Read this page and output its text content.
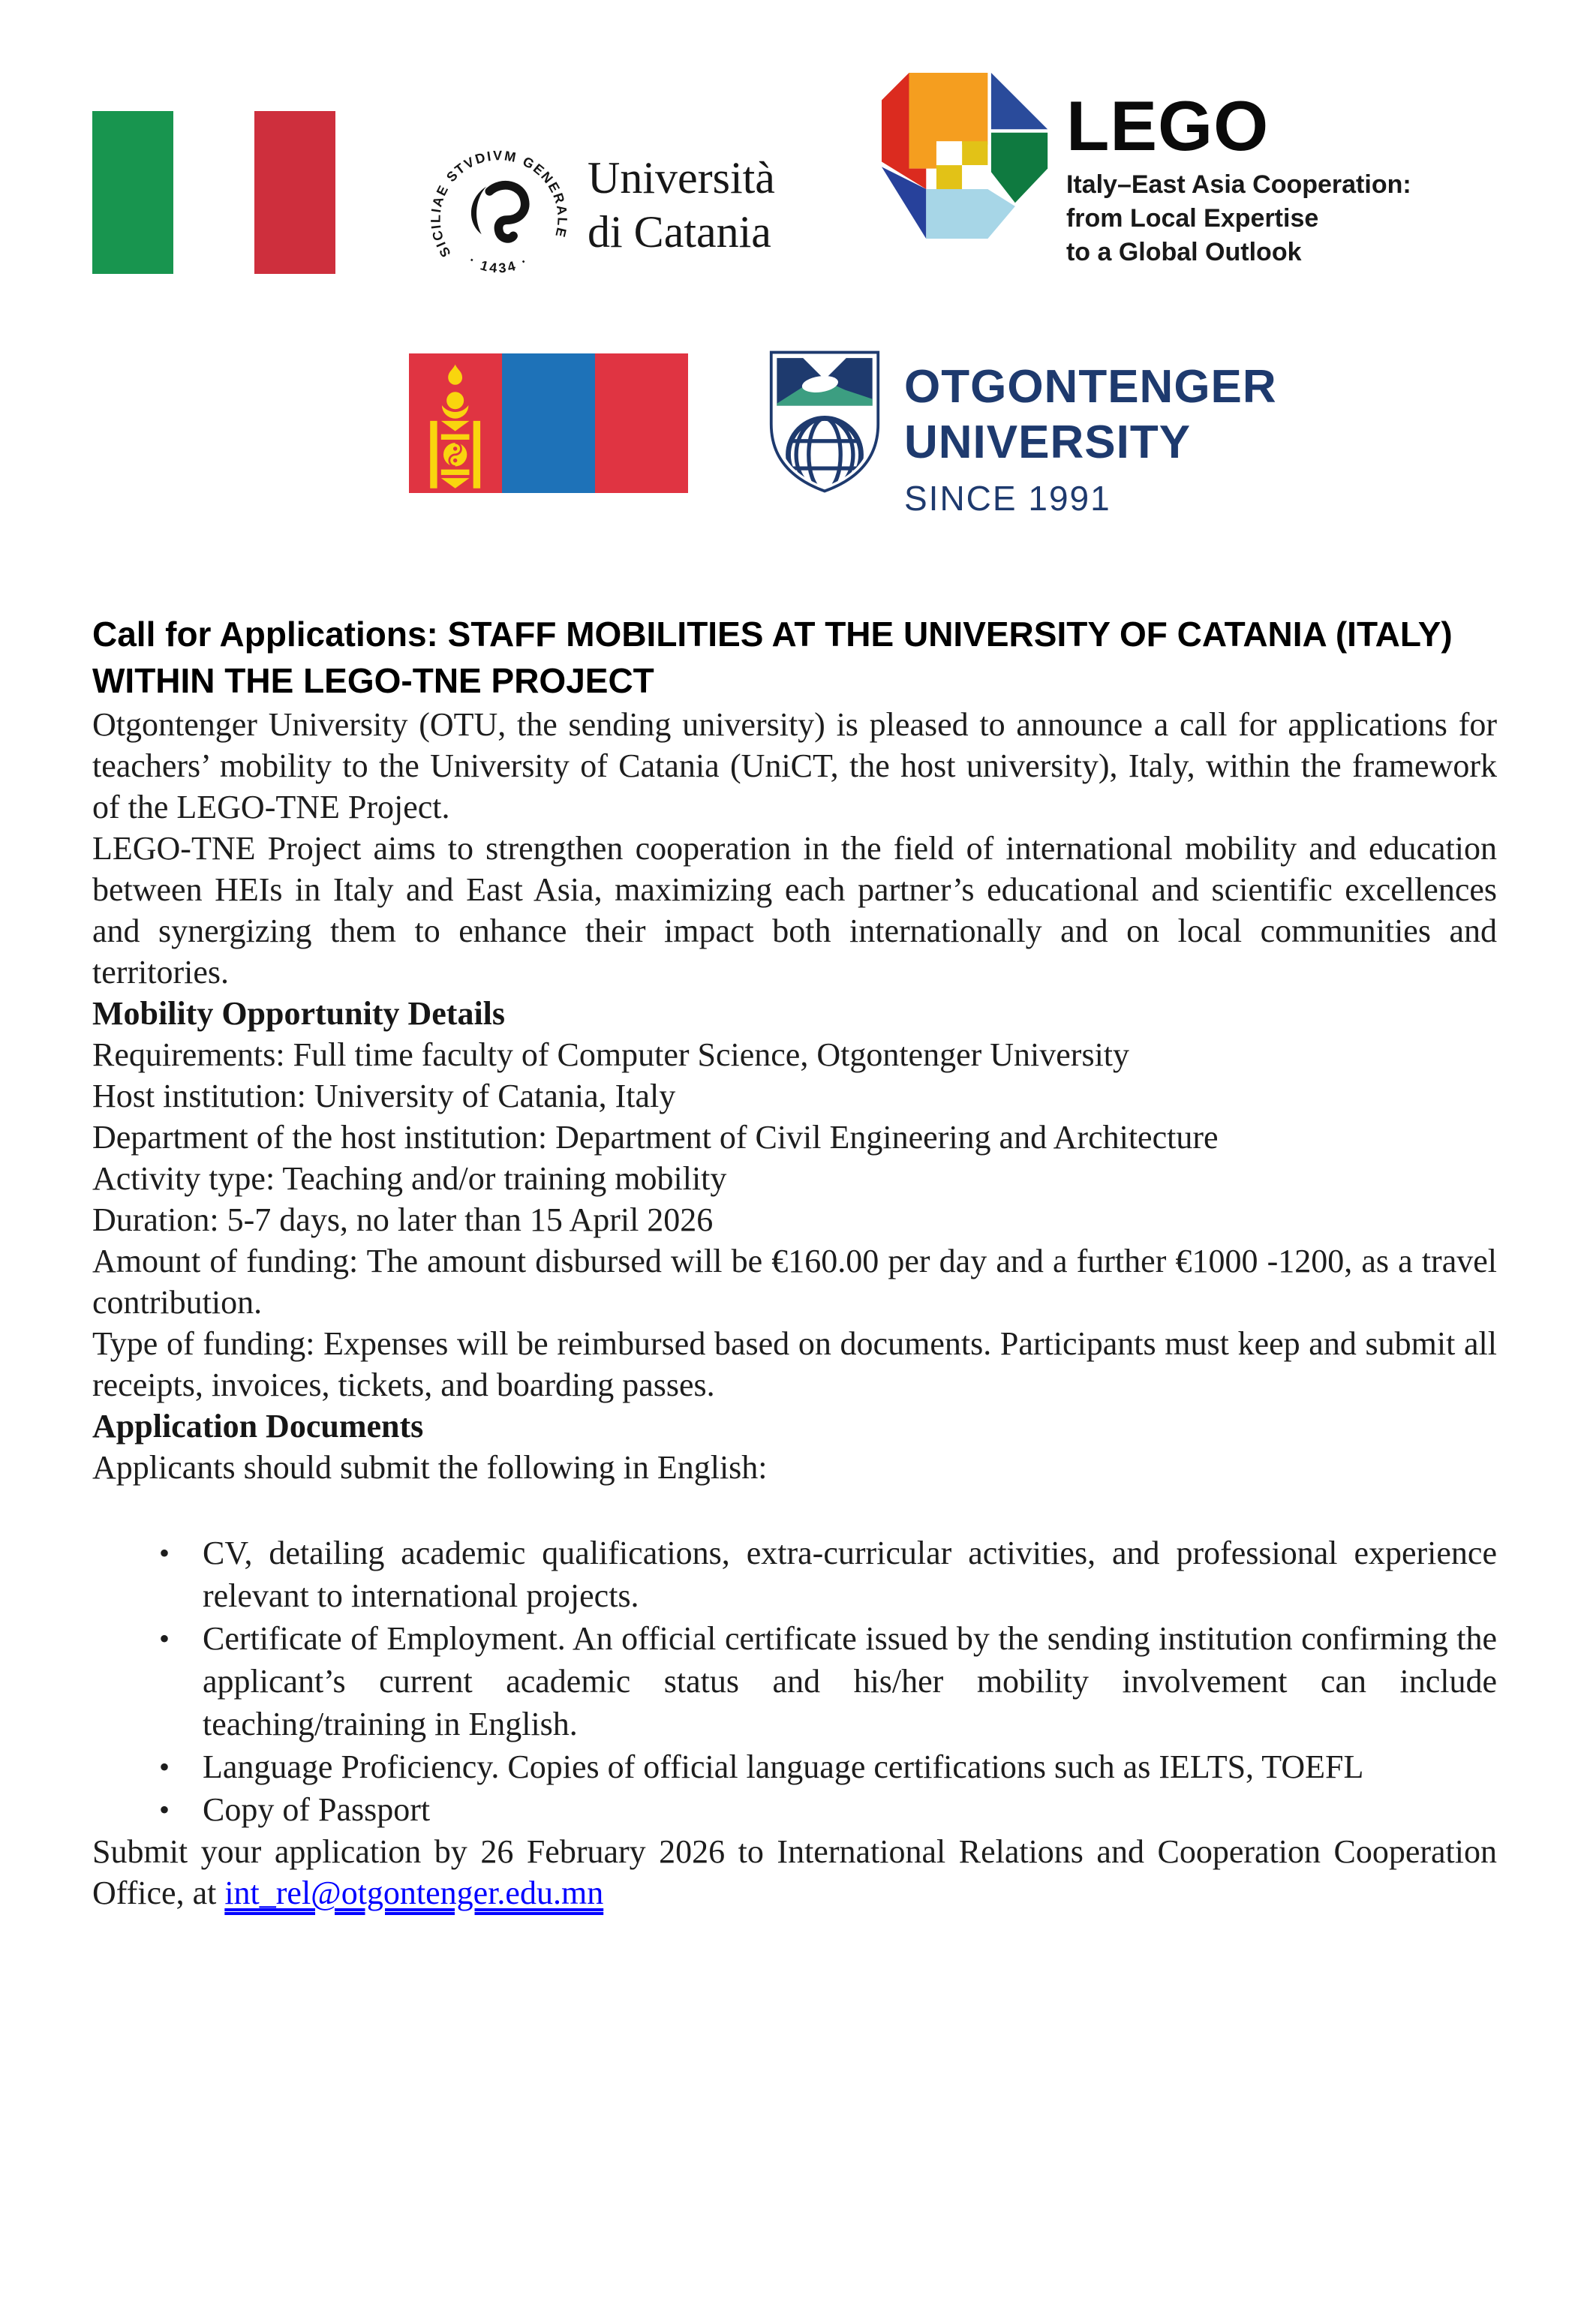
SICILIAE STVDIVM GENERALE
· 1434 ·
Università
di Catania
LEGO
Italy–East Asia Cooperation:
from Local Expertise
to a Global Outlook
OTGONTENGER
UNIVERSITY
SINCE 1991
Call for Applications: STAFF MOBILITIES AT THE UNIVERSITY OF CATANIA (ITALY) WITHIN THE LEGO-TNE PROJECT

Otgontenger University (OTU, the sending university) is pleased to announce a call for applications for teachers’ mobility to the University of Catania (UniCT, the host university), Italy, within the framework of the LEGO-TNE Project.

LEGO-TNE Project aims to strengthen cooperation in the field of international mobility and education between HEIs in Italy and East Asia, maximizing each partner’s educational and scientific excellences and synergizing them to enhance their impact both internationally and on local communities and territories.

Mobility Opportunity Details

Requirements: Full time faculty of Computer Science, Otgontenger University

Host institution: University of Catania, Italy

Department of the host institution: Department of Civil Engineering and Architecture

Activity type: Teaching and/or training mobility

Duration: 5-7 days, no later than 15 April 2026

Amount of funding: The amount disbursed will be €160.00 per day and a further €1000 -1200, as a travel contribution.

Type of funding: Expenses will be reimbursed based on documents. Participants must keep and submit all receipts, invoices, tickets, and boarding passes.

Application Documents

Applicants should submit the following in English:

• CV, detailing academic qualifications, extra-curricular activities, and professional experience relevant to international projects.
• Certificate of Employment. An official certificate issued by the sending institution confirming the applicant’s current academic status and his/her mobility involvement can include teaching/training in English.
• Language Proficiency. Copies of official language certifications such as IELTS, TOEFL
• Copy of Passport

Submit your application by 26 February 2026 to International Relations and Cooperation Cooperation Office, at int_rel@otgontenger.edu.mn
